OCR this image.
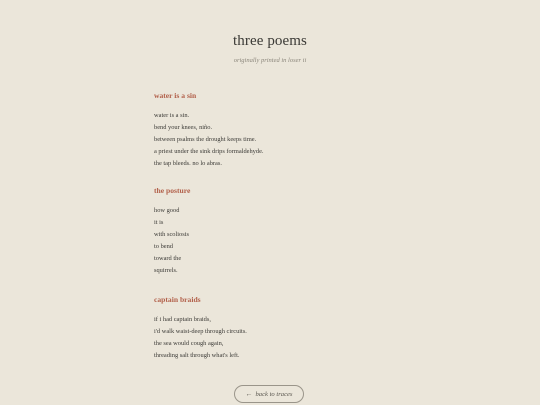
three poems

originally printed in loser ii

water is a sin
water is a sin.
bend your knees, niño.
between psalms the drought keeps time.
a priest under the sink drips formaldehyde.
the tap bleeds. no lo abras.
the posture
how good
it is
with scoliosis
to bend
toward the
squirrels.
captain braids
if i had captain braids,
i'd walk waist-deep through circuits.
the sea would cough again,
threading salt through what's left.
← back to traces
